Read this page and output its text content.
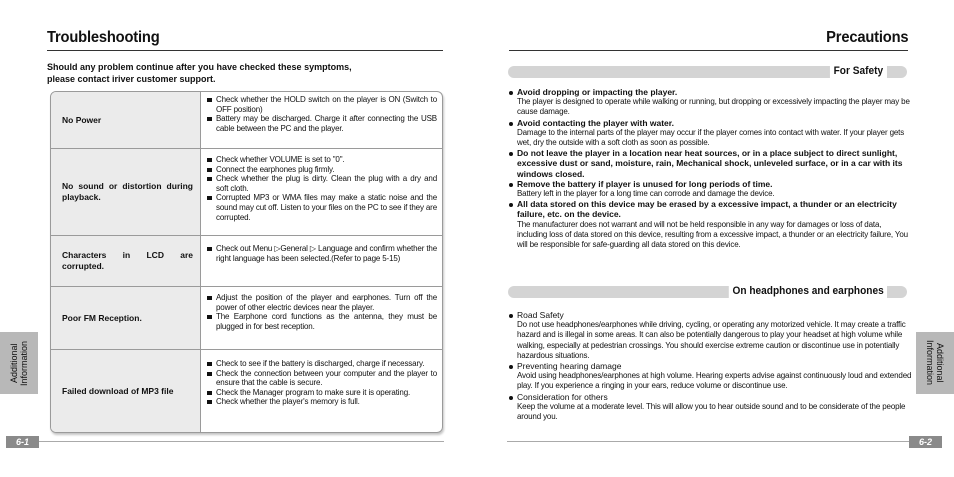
Troubleshooting
Should any problem continue after you have checked these symptoms,
please contact iriver customer support.
No Power
Check whether the HOLD switch on the player is ON (Switch to OFF position)
Battery may be discharged. Charge it after connecting the USB cable between the PC and the player.
No sound or distortion during playback.
Check whether VOLUME is set to "0".
Connect the earphones plug firmly.
Check whether the plug is dirty. Clean the plug with a dry and soft cloth.
Corrupted MP3 or WMA files may make a static noise and the sound may cut off. Listen to your files on the PC to see if they are corrupted.
Characters in LCD are corrupted.
Check out Menu ▷General ▷ Language and confirm whether the right language has been selected.(Refer to page 5-15)
Poor FM Reception.
Adjust the position of the player and earphones. Turn off the power of other electric devices near the player.
The Earphone cord functions as the antenna, they must be plugged in for best reception.
Failed download of MP3 file
Check to see if the battery is discharged, charge if necessary.
Check the connection between your computer and the player to ensure that the cable is secure.
Check the Manager program to make sure it is operating.
Check whether the player's memory is full.
Additional Information
6-1
Precautions
For Safety
Avoid dropping or impacting the player.
The player is designed to operate while walking or running, but dropping or excessively impacting the player may be cause damage.
Avoid contacting the player with water.
Damage to the internal parts of the player may occur if the player comes into contact with water. If your player gets wet, dry the outside with a soft cloth as soon as possible.
Do not leave the player in a location near heat sources, or in a place subject to direct sunlight, excessive dust or sand, moisture, rain, Mechanical shock, unleveled surface, or in a car with its windows closed.
Remove the battery if player is unused for long periods of time.
Battery left in the player for a long time can corrode and damage the device.
All data stored on this device may be erased by a excessive impact, a thunder or an electricity failure, etc. on the device.
The manufacturer does not warrant and will not be held responsible in any way for damages or loss of data, including loss of data stored on this device, resulting from a excessive impact, a thunder or an electricity failure, You will be responsible for safe-guarding all data stored on this device.
On headphones and earphones
Road Safety
Do not use headphones/earphones while driving, cycling, or operating any motorized vehicle. It may create a traffic hazard and is illegal in some areas. It can also be potentially dangerous to play your headset at high volume while walking, especially at pedestrian crossings. You should exercise extreme caution or discontinue use in potentially hazardous situations.
Preventing hearing damage
Avoid using headphones/earphones at high volume. Hearing experts advise against continuously loud and extended play. If you experience a ringing in your ears, reduce volume or discontinue use.
Consideration for others
Keep the volume at a moderate level. This will allow you to hear outside sound and to be considerate of the people around you.
Additional Information
6-2
